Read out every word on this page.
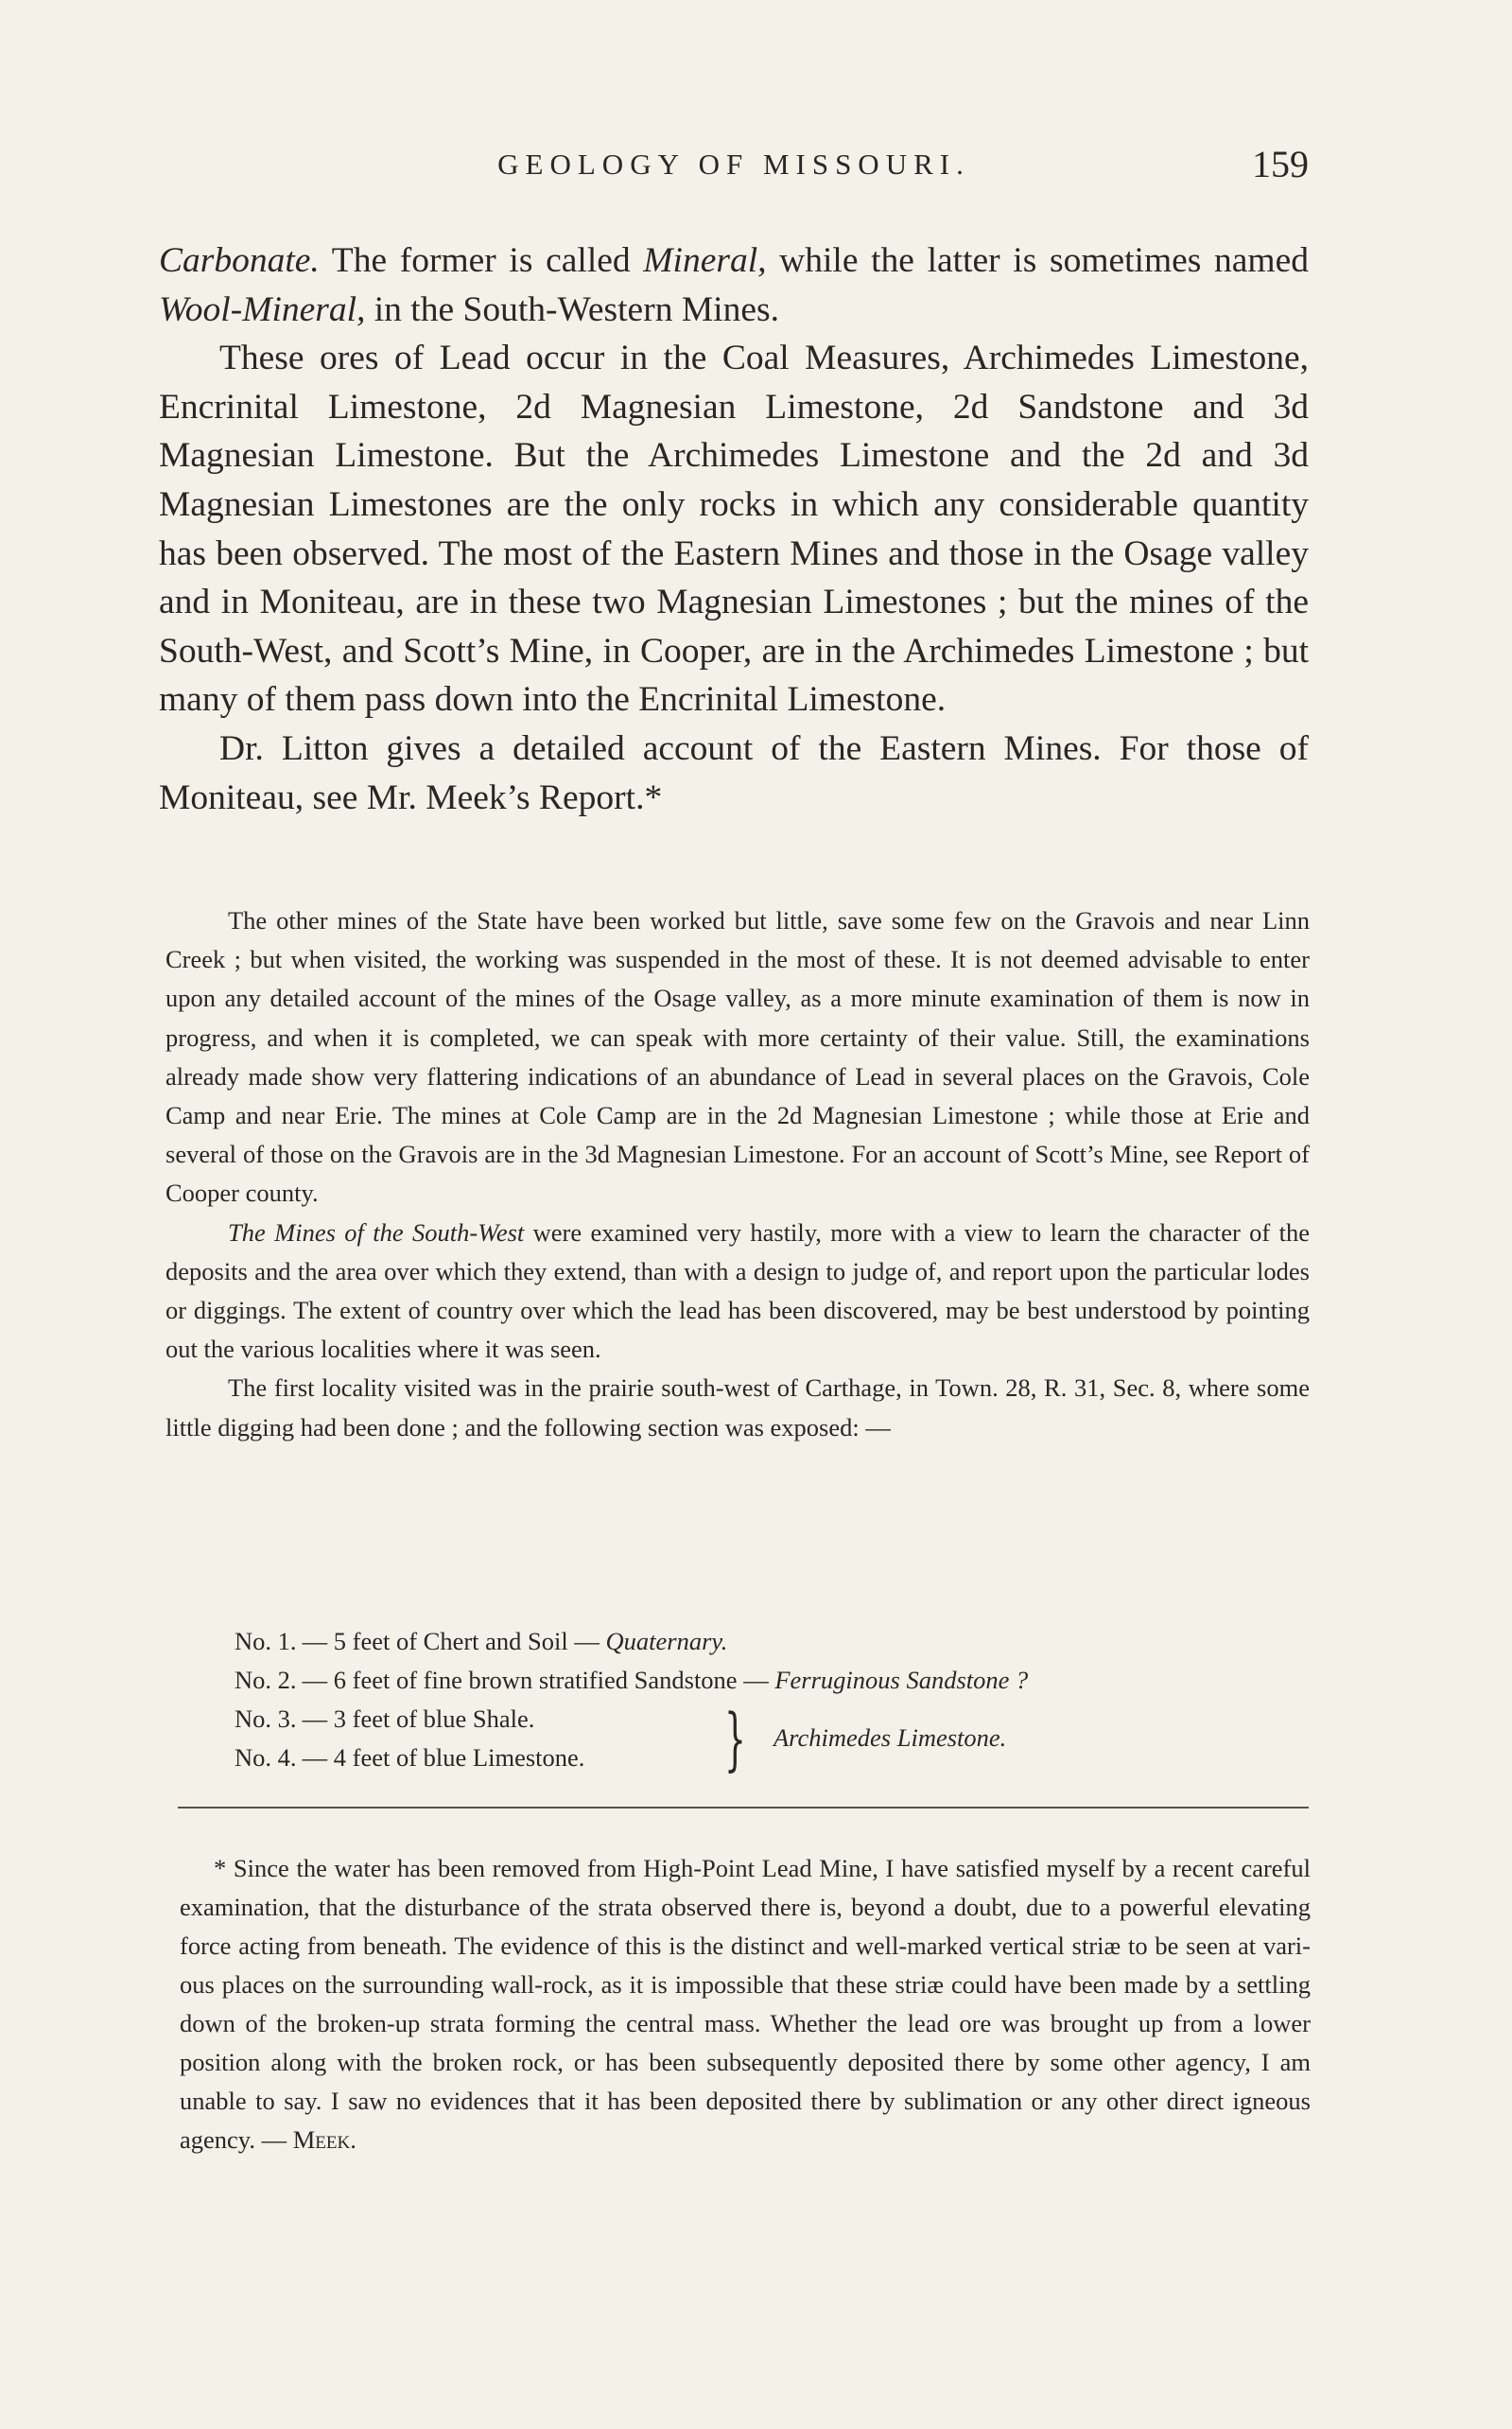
GEOLOGY OF MISSOURI.	159

Carbonate. The former is called Mineral, while the latter is sometimes named Wool-Mineral, in the South-Western Mines.

These ores of Lead occur in the Coal Measures, Archimedes Limestone, Encrinital Limestone, 2d Magnesian Limestone, 2d Sandstone and 3d Magnesian Limestone. But the Archimedes Limestone and the 2d and 3d Magnesian Limestones are the only rocks in which any considerable quantity has been observed. The most of the Eastern Mines and those in the Osage valley and in Moniteau, are in these two Magnesian Limestones ; but the mines of the South-West, and Scott’s Mine, in Cooper, are in the Archimedes Limestone ; but many of them pass down into the Encrinital Limestone.

Dr. Litton gives a detailed account of the Eastern Mines. For those of Moniteau, see Mr. Meek’s Report.*

The other mines of the State have been worked but little, save some few on the Gravois and near Linn Creek ; but when visited, the working was suspended in the most of these. It is not deemed advisable to enter upon any detailed account of the mines of the Osage valley, as a more minute examination of them is now in progress, and when it is completed, we can speak with more certainty of their value. Still, the examinations already made show very flattering indications of an abundance of Lead in several places on the Gravois, Cole Camp and near Erie. The mines at Cole Camp are in the 2d Magnesian Limestone ; while those at Erie and several of those on the Gravois are in the 3d Magnesian Limestone. For an account of Scott’s Mine, see Report of Cooper county.

The Mines of the South-West were examined very hastily, more with a view to learn the character of the deposits and the area over which they extend, than with a design to judge of, and report upon the particular lodes or diggings. The extent of country over which the lead has been discovered, may be best understood by pointing out the various localities where it was seen.

The first locality visited was in the prairie south-west of Carthage, in Town. 28, R. 31, Sec. 8, where some little digging had been done ; and the following section was exposed: —

No. 1. — 5 feet of Chert and Soil — Quaternary.
No. 2. — 6 feet of fine brown stratified Sandstone — Ferruginous Sandstone ?
No. 3. — 3 feet of blue Shale.
No. 4. — 4 feet of blue Limestone.	} Archimedes Limestone.

* Since the water has been removed from High-Point Lead Mine, I have satisfied myself by a recent careful examination, that the disturbance of the strata observed there is, beyond a doubt, due to a powerful elevating force acting from beneath. The evidence of this is the distinct and well-marked vertical striæ to be seen at various places on the surrounding wall-rock, as it is impossible that these striæ could have been made by a settling down of the broken-up strata forming the central mass. Whether the lead ore was brought up from a lower position along with the broken rock, or has been subsequently deposited there by some other agency, I am unable to say. I saw no evidences that it has been deposited there by sublimation or any other direct igneous agency. — Meek.
